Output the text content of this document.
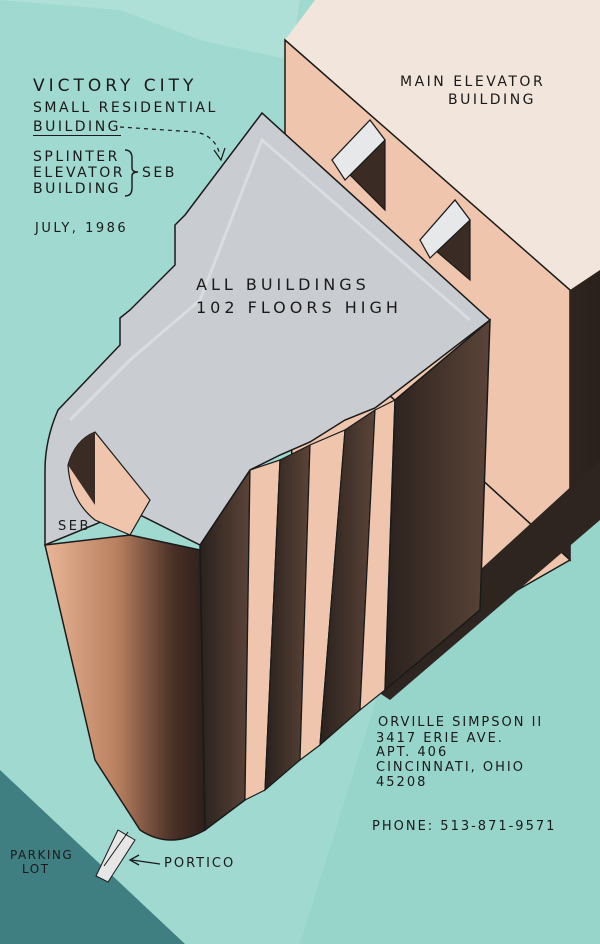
VICTORY CITY
SMALL RESIDENTIAL
BUILDING
SPLINTER
ELEVATOR
BUILDING
SEB
JULY, 1986
MAIN ELEVATOR
BUILDING
ALL BUILDINGS
102 FLOORS HIGH
SEB
ORVILLE SIMPSON II
3417 ERIE AVE.
APT. 406
CINCINNATI, OHIO
45208
PHONE: 513-871-9571
PARKING
LOT	PORTICO
